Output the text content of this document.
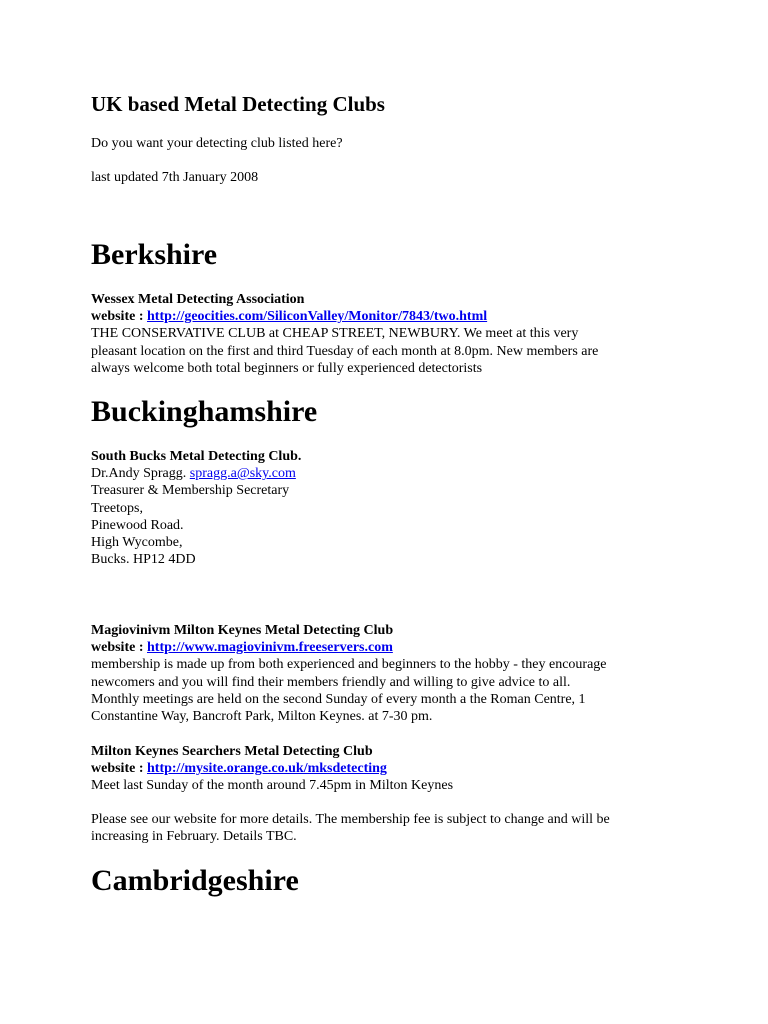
UK based Metal Detecting Clubs

Do you want your detecting club listed here?

last updated 7th January 2008

Berkshire
Wessex Metal Detecting Association
website : http://geocities.com/SiliconValley/Monitor/7843/two.html
THE CONSERVATIVE CLUB at CHEAP STREET, NEWBURY. We meet at this very
pleasant location on the first and third Tuesday of each month at 8.0pm. New members are
always welcome both total beginners or fully experienced detectorists
Buckinghamshire
South Bucks Metal Detecting Club.
Dr.Andy Spragg. spragg.a@sky.com
Treasurer & Membership Secretary
Treetops,
Pinewood Road.
High Wycombe,
Bucks. HP12 4DD
Magiovinivm Milton Keynes Metal Detecting Club
website : http://www.magiovinivm.freeservers.com
membership is made up from both experienced and beginners to the hobby - they encourage
newcomers and you will find their members friendly and willing to give advice to all.
Monthly meetings are held on the second Sunday of every month a the Roman Centre, 1
Constantine Way, Bancroft Park, Milton Keynes. at 7-30 pm.
Milton Keynes Searchers Metal Detecting Club
website : http://mysite.orange.co.uk/mksdetecting
Meet last Sunday of the month around 7.45pm in Milton Keynes
Please see our website for more details. The membership fee is subject to change and will be
increasing in February. Details TBC.
Cambridgeshire
